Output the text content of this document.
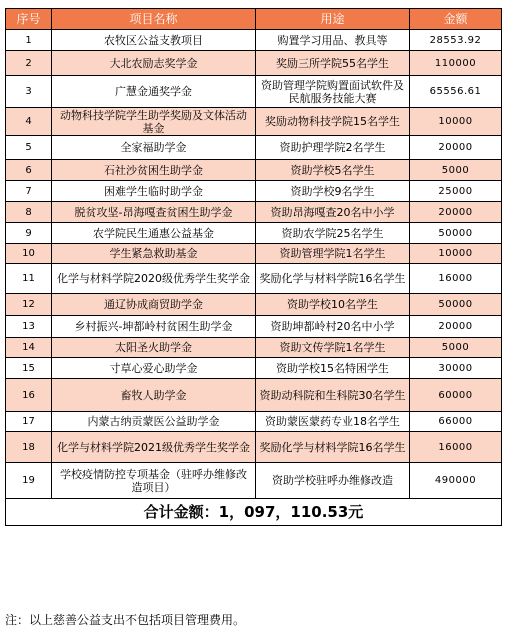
序号	项目名称	用途	金额
1	农牧区公益支教项目	购置学习用品、教具等	28553.92
2	大北农励志奖学金	奖励三所学院55名学生	110000
3	广慧金通奖学金	资助管理学院购置面试软件及民航服务技能大赛	65556.61
4	动物科技学院学生助学奖励及文体活动基金	奖励动物科技学院15名学生	10000
5	全家福助学金	资助护理学院2名学生	20000
6	石社沙贫困生助学金	资助学校5名学生	5000
7	困难学生临时助学金	资助学校9名学生	25000
8	脱贫攻坚-昂海嘎查贫困生助学金	资助昂海嘎查20名中小学	20000
9	农学院民生通惠公益基金	资助农学院25名学生	50000
10	学生紧急救助基金	资助管理学院1名学生	10000
11	化学与材料学院2020级优秀学生奖学金	奖励化学与材料学院16名学生	16000
12	通辽协成商贸助学金	资助学校10名学生	50000
13	乡村振兴-坤都岭村贫困生助学金	资助坤都岭村20名中小学	20000
14	太阳圣火助学金	资助文传学院1名学生	5000
15	寸草心爱心助学金	资助学校15名特困学生	30000
16	畜牧人助学金	资助动科院和生科院30名学生	60000
17	内蒙古纳贡蒙医公益助学金	资助蒙医蒙药专业18名学生	66000
18	化学与材料学院2021级优秀学生奖学金	奖励化学与材料学院16名学生	16000
19	学校疫情防控专项基金（驻呼办维修改造项目）	资助学校驻呼办维修改造	490000
合计金额：1，097，110.53元			
注：以上慈善公益支出不包括项目管理费用。
